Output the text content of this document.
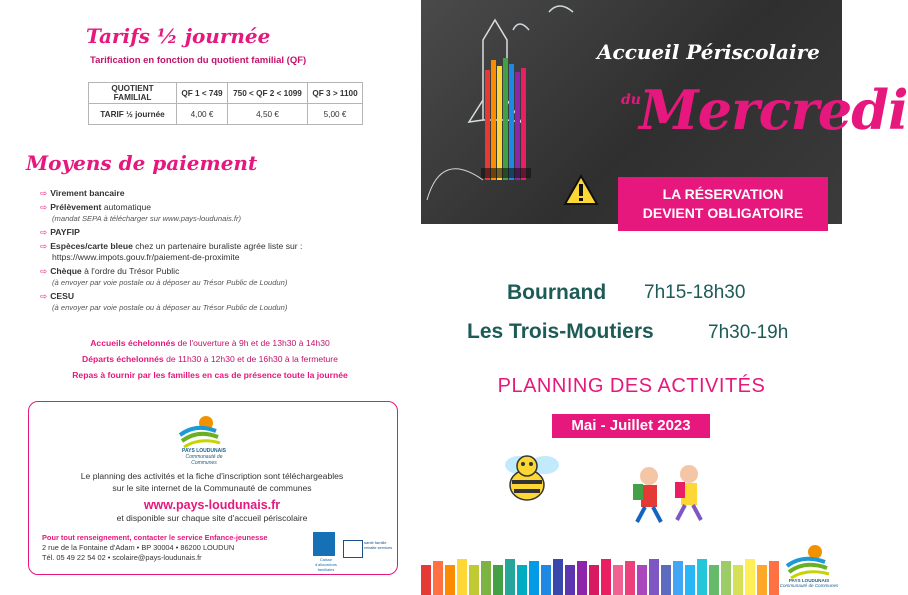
Tarifs ½ journée
Tarification en fonction du quotient familial (QF)
QUOTIENT FAMILIAL	QF 1 < 749	750 < QF 2 < 1099	QF 3 > 1100
TARIF ½ journée	4,00 €	4,50 €	5,00 €
Moyens de paiement
⇨ Virement bancaire
⇨ Prélèvement automatique
(mandat SEPA à télécharger sur www.pays-loudunais.fr)
⇨ PAYFIP
⇨ Espèces/carte bleue chez un partenaire buraliste agrée liste sur :
https://www.impots.gouv.fr/paiement-de-proximite
⇨ Chèque à l'ordre du Trésor Public
(à envoyer par voie postale ou à déposer au Trésor Public de Loudun)
⇨ CESU
(à envoyer par voie postale ou à déposer au Trésor Public de Loudun)
Accueils échelonnés de l'ouverture à 9h et de 13h30 à 14h30
Départs échelonnés de 11h30 à 12h30 et de 16h30 à la fermeture
Repas à fournir par les familles en cas de présence toute la journée
PAYS LOUDUNAIS
Communauté de Communes
Le planning des activités et la fiche d'inscription sont téléchargeables
sur le site internet de la Communauté de communes
www.pays-loudunais.fr
et disponible sur chaque site d'accueil périscolaire
Pour tout renseignement, contacter le service Enfance-jeunesse
2 rue de la Fontaine d'Adam • BP 30004 • 86200 LOUDUN
Tél. 05 49 22 54 02 • scolaire@pays-loudunais.fr	Caisse d'allocations familiales
santé famille retraite services
Accueil Périscolaire
du
Mercredi
LA RÉSERVATION
DEVIENT OBLIGATOIRE
Bournand 7h15-18h30
Les Trois-Moutiers	7h30-19h
PLANNING DES ACTIVITÉS
Mai - Juillet 2023
PAYS LOUDUNAIS
Communauté de Communes
